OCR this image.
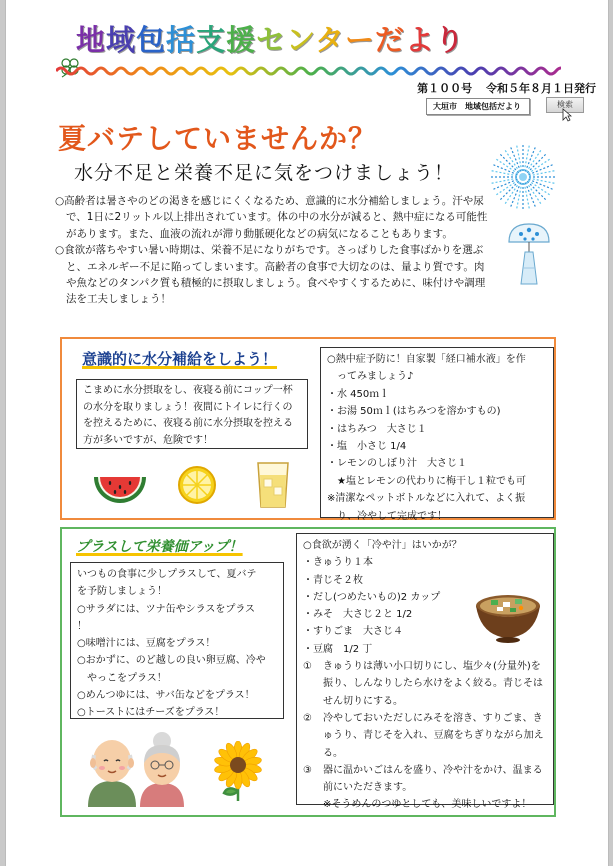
地域包括支援センターだより
第１００号 令和５年８月１日発行
大垣市　地域包括だより	検索
夏バテしていませんか？
水分不足と栄養不足に気をつけましょう！

○高齢者は暑さやのどの渇きを感じにくくなるため、意識的に水分補給しましょう。汗や尿で、1日に2リットル以上排出されています。体の中の水分が減ると、熱中症になる可能性があります。また、血液の流れが滞り動脈硬化などの病気になることもあります。

○食欲が落ちやすい暑い時期は、栄養不足になりがちです。さっぱりした食事ばかりを選ぶと、エネルギー不足に陥ってしまいます。高齢者の食事で大切なのは、量より質です。肉や魚などのタンパク質も積極的に摂取しましょう。食べやすくするために、味付けや調理法を工夫しましょう！

意識的に水分補給をしよう！
こまめに水分摂取をし、夜寝る前にコップ一杯の水分を取りましょう！夜間にトイレに行くのを控えるために、夜寝る前に水分摂取を控える方が多いですが、危険です！
○熱中症予防に！自家製「経口補水液」を作
ってみましょう♪
・水 450ｍｌ
・お湯 50ｍｌ(はちみつを溶かすもの)
・はちみつ　大さじ１
・塩　小さじ 1/4
・レモンのしぼり汁　大さじ１
★塩とレモンの代わりに梅干し１粒でも可
※清潔なペットボトルなどに入れて、よく振
り、冷やして完成です！
プラスして栄養価アップ！
いつもの食事に少しプラスして、夏バテ
を予防しましょう！
○サラダには、ツナ缶やシラスをプラス
！
○味噌汁には、豆腐をプラス！
○おかずに、のど越しの良い卵豆腐、冷や
やっこをプラス！
○めんつゆには、サバ缶などをプラス！
○トーストにはチーズをプラス！
○食欲が湧く「冷や汁」はいかが？
・きゅうり１本
・青じそ２枚
・だし(つめたいもの)2 カップ
・みそ　大さじ２と 1/2
・すりごま　大さじ４
・豆腐　1/2 丁
① きゅうりは薄い小口切りにし、塩少々(分量外)を振り、しんなりしたら水けをよく絞る。青じそはせん切りにする。
② 冷やしておいただしにみそを溶き、すりごま、きゅうり、青じそを入れ、豆腐をちぎりながら加える。
③ 器に温かいごはんを盛り、冷や汁をかけ、温まる前にいただきます。
※そうめんのつゆとしても、美味しいですよ！
